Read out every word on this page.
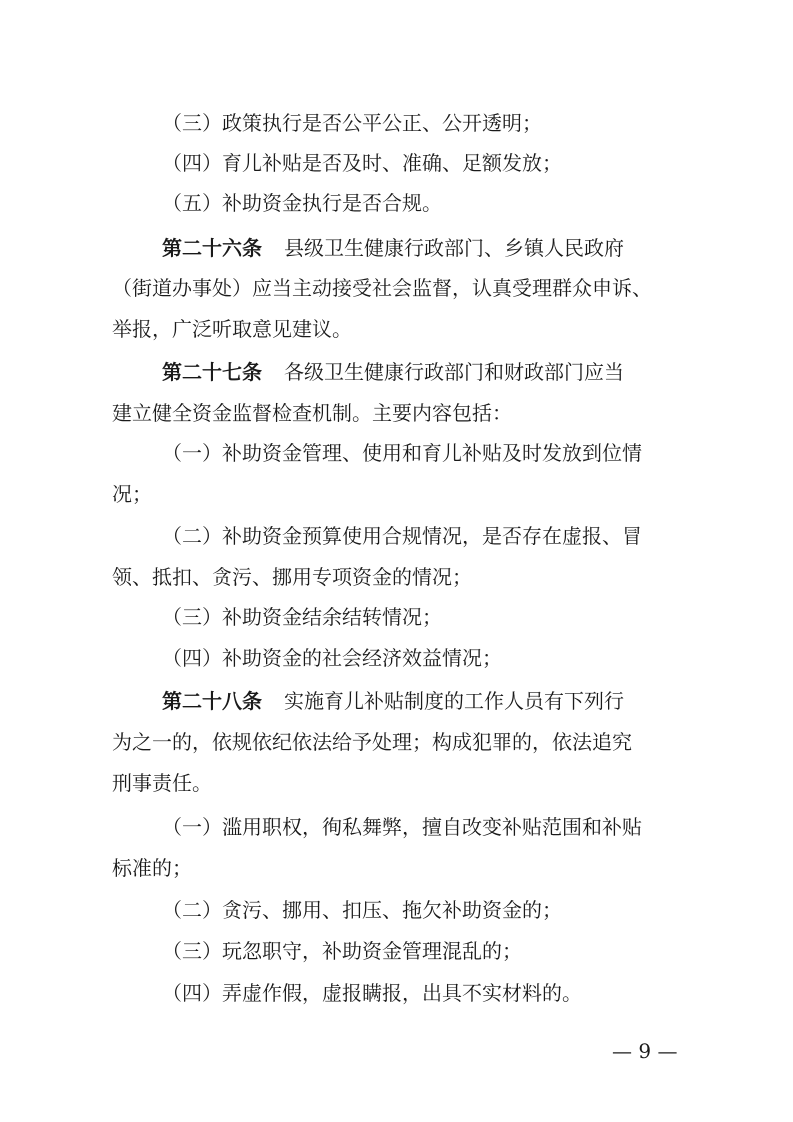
（三）政策执行是否公平公正、公开透明；
（四）育儿补贴是否及时、准确、足额发放；
（五）补助资金执行是否合规。
第二十六条 县级卫生健康行政部门、乡镇人民政府
（街道办事处）应当主动接受社会监督，认真受理群众申诉、
举报，广泛听取意见建议。
第二十七条 各级卫生健康行政部门和财政部门应当
建立健全资金监督检查机制。主要内容包括：
（一）补助资金管理、使用和育儿补贴及时发放到位情
况；
（二）补助资金预算使用合规情况，是否存在虚报、冒
领、抵扣、贪污、挪用专项资金的情况；
（三）补助资金结余结转情况；
（四）补助资金的社会经济效益情况；
第二十八条 实施育儿补贴制度的工作人员有下列行
为之一的，依规依纪依法给予处理；构成犯罪的，依法追究
刑事责任。
（一）滥用职权，徇私舞弊，擅自改变补贴范围和补贴
标准的；
（二）贪污、挪用、扣压、拖欠补助资金的；
（三）玩忽职守，补助资金管理混乱的；
（四）弄虚作假，虚报瞒报，出具不实材料的。
— 9 —
